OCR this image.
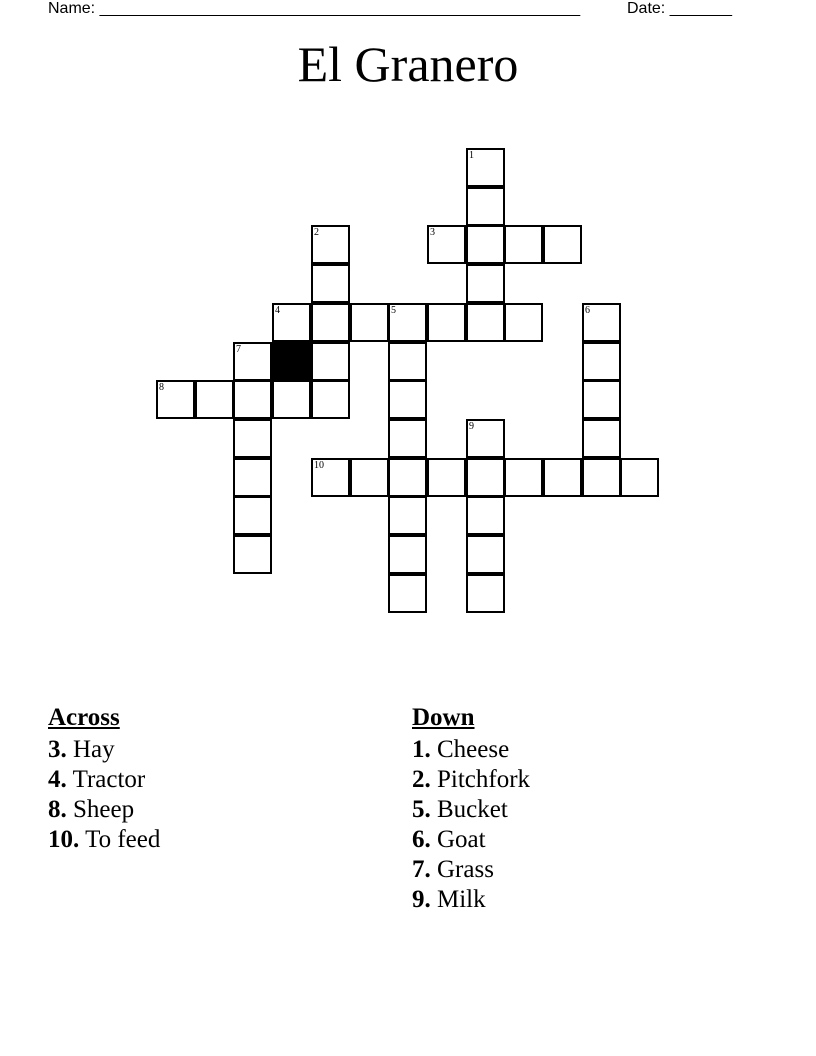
Name: ______________________________________________________	Date: _______
El Granero
1
3
2
4	5	6
7
8
9
10
Across
3. Hay
4. Tractor
8. Sheep
10. To feed
Down
1. Cheese
2. Pitchfork
5. Bucket
6. Goat
7. Grass
9. Milk
